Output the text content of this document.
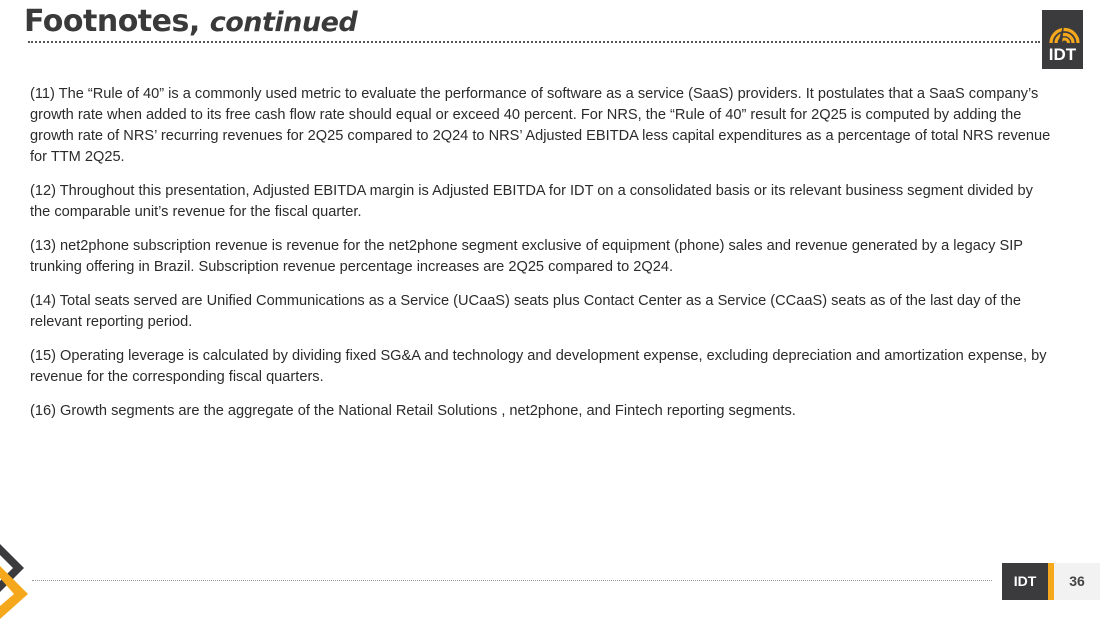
Footnotes, continued
IDT

(11) The “Rule of 40” is a commonly used metric to evaluate the performance of software as a service (SaaS) providers. It postulates that a SaaS company’s growth rate when added to its free cash flow rate should equal or exceed 40 percent. For NRS, the “Rule of 40” result for 2Q25 is computed by adding the growth rate of NRS’ recurring revenues for 2Q25 compared to 2Q24 to NRS’ Adjusted EBITDA less capital expenditures as a percentage of total NRS revenue for TTM 2Q25.

(12) Throughout this presentation, Adjusted EBITDA margin is Adjusted EBITDA for IDT on a consolidated basis or its relevant business segment divided by the comparable unit’s revenue for the fiscal quarter.

(13) net2phone subscription revenue is revenue for the net2phone segment exclusive of equipment (phone) sales and revenue generated by a legacy SIP trunking offering in Brazil. Subscription revenue percentage increases are 2Q25 compared to 2Q24.

(14) Total seats served are Unified Communications as a Service (UCaaS) seats plus Contact Center as a Service (CCaaS) seats as of the last day of the relevant reporting period.

(15) Operating leverage is calculated by dividing fixed SG&A and technology and development expense, excluding depreciation and amortization expense, by revenue for the corresponding fiscal quarters.

(16) Growth segments are the aggregate of the National Retail Solutions , net2phone, and Fintech reporting segments.

IDT	36
